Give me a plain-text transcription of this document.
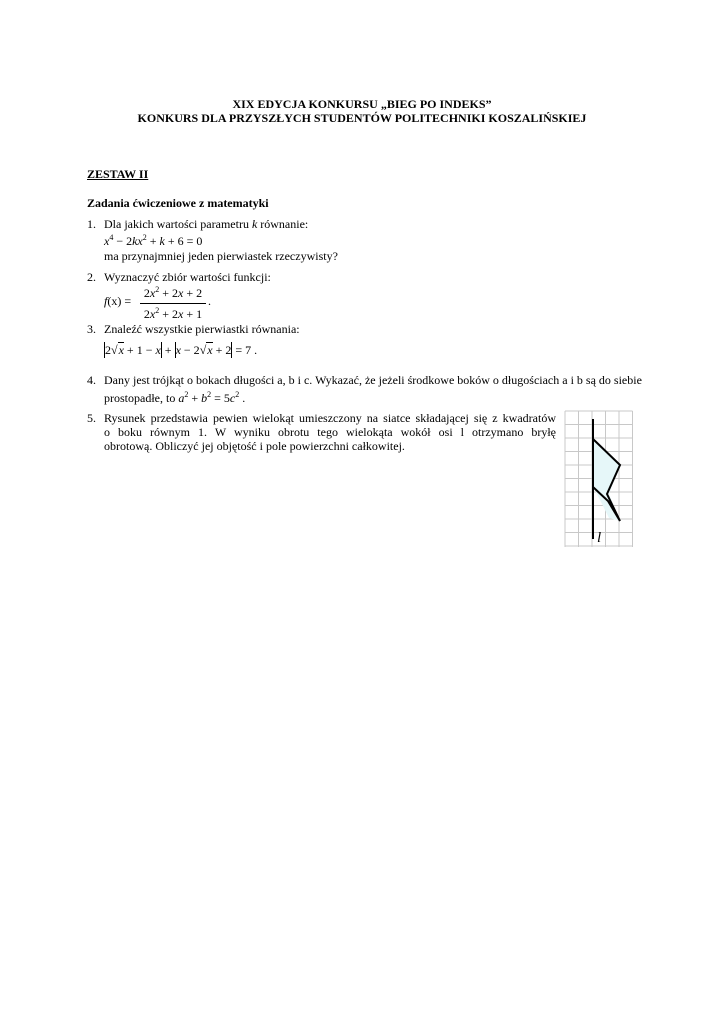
XIX EDYCJA KONKURSU „BIEG PO INDEKS”
KONKURS DLA PRZYSZŁYCH STUDENTÓW POLITECHNIKI KOSZALIŃSKIEJ
ZESTAW II
Zadania ćwiczeniowe z matematyki
1. Dla jakich wartości parametru k równanie:
$x^4 - 2kx^2 + k + 6 = 0$
ma przynajmniej jeden pierwiastek rzeczywisty?
2. Wyznaczyć zbiór wartości funkcji:
$f(x) = \frac{2x^2 + 2x + 2}{2x^2 + 2x + 1}$ .
3. Znaleźć wszystkie pierwiastki równania:
2√x + 1 − x + x − 2√x + 2 = 7 .
4. Dany jest trójkąt o bokach długości a, b i c. Wykazać, że jeżeli środkowe boków o długościach a i b są do siebie
prostopadłe, to $a^2 + b^2 = 5c^2$ .
5. Rysunek przedstawia pewien wielokąt umieszczony na siatce składającej się z kwadratów
o boku równym 1. W wyniku obrotu tego wielokąta wokół osi l otrzymano bryłę
obrotową. Obliczyć jej objętość i pole powierzchni całkowitej.
l
